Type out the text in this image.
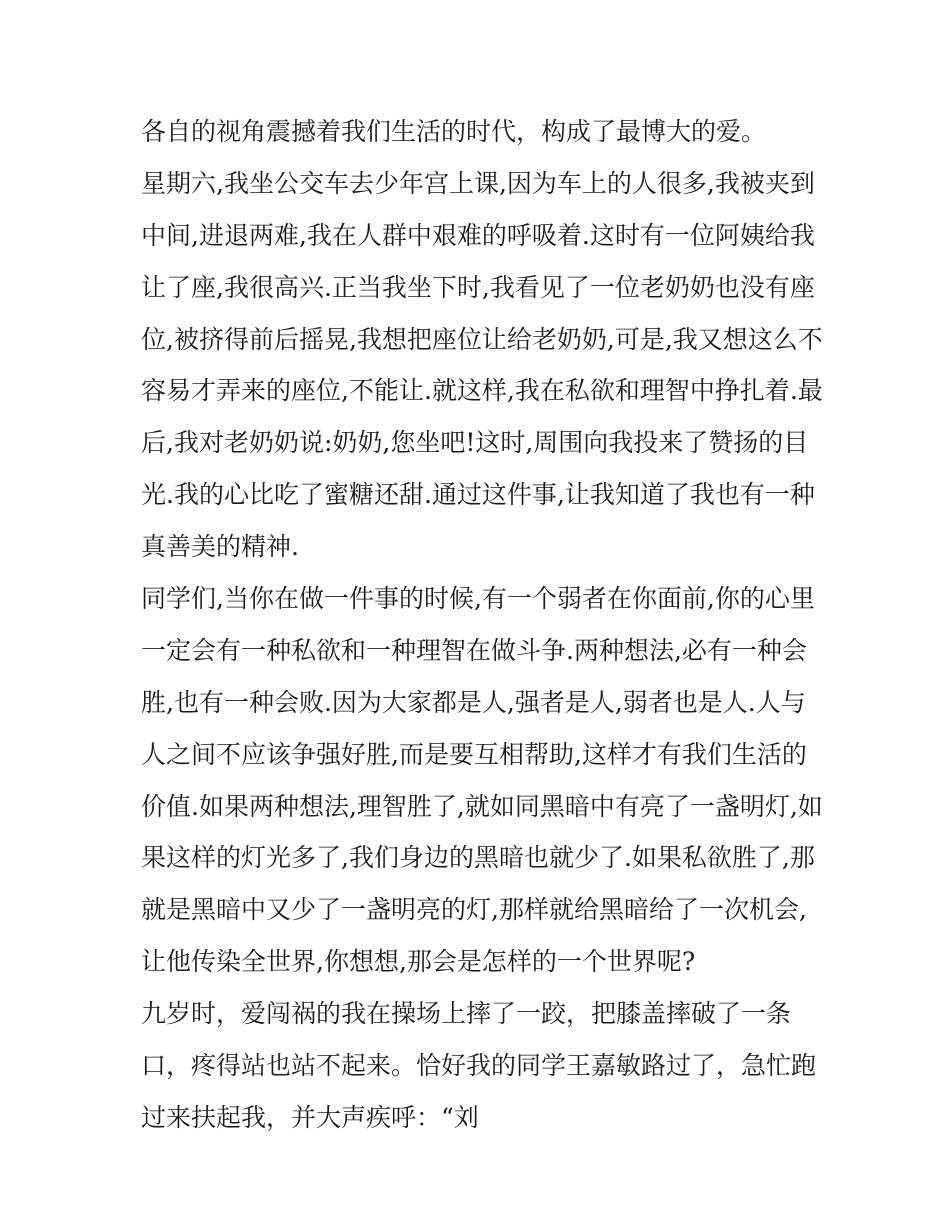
各自的视角震撼着我们生活的时代，构成了最博大的爱。
星期六,我坐公交车去少年宫上课,因为车上的人很多,我被夹到
中间,进退两难,我在人群中艰难的呼吸着.这时有一位阿姨给我
让了座,我很高兴.正当我坐下时,我看见了一位老奶奶也没有座
位,被挤得前后摇晃,我想把座位让给老奶奶,可是,我又想这么不
容易才弄来的座位,不能让.就这样,我在私欲和理智中挣扎着.最
后,我对老奶奶说:奶奶,您坐吧!这时,周围向我投来了赞扬的目
光.我的心比吃了蜜糖还甜.通过这件事,让我知道了我也有一种
真善美的精神.
同学们,当你在做一件事的时候,有一个弱者在你面前,你的心里
一定会有一种私欲和一种理智在做斗争.两种想法,必有一种会
胜,也有一种会败.因为大家都是人,强者是人,弱者也是人.人与
人之间不应该争强好胜,而是要互相帮助,这样才有我们生活的
价值.如果两种想法,理智胜了,就如同黑暗中有亮了一盏明灯,如
果这样的灯光多了,我们身边的黑暗也就少了.如果私欲胜了,那
就是黑暗中又少了一盏明亮的灯,那样就给黑暗给了一次机会,
让他传染全世界,你想想,那会是怎样的一个世界呢?
九岁时，爱闯祸的我在操场上摔了一跤，把膝盖摔破了一条
口，疼得站也站不起来。恰好我的同学王嘉敏路过了，急忙跑
过来扶起我，并大声疾呼：“刘
